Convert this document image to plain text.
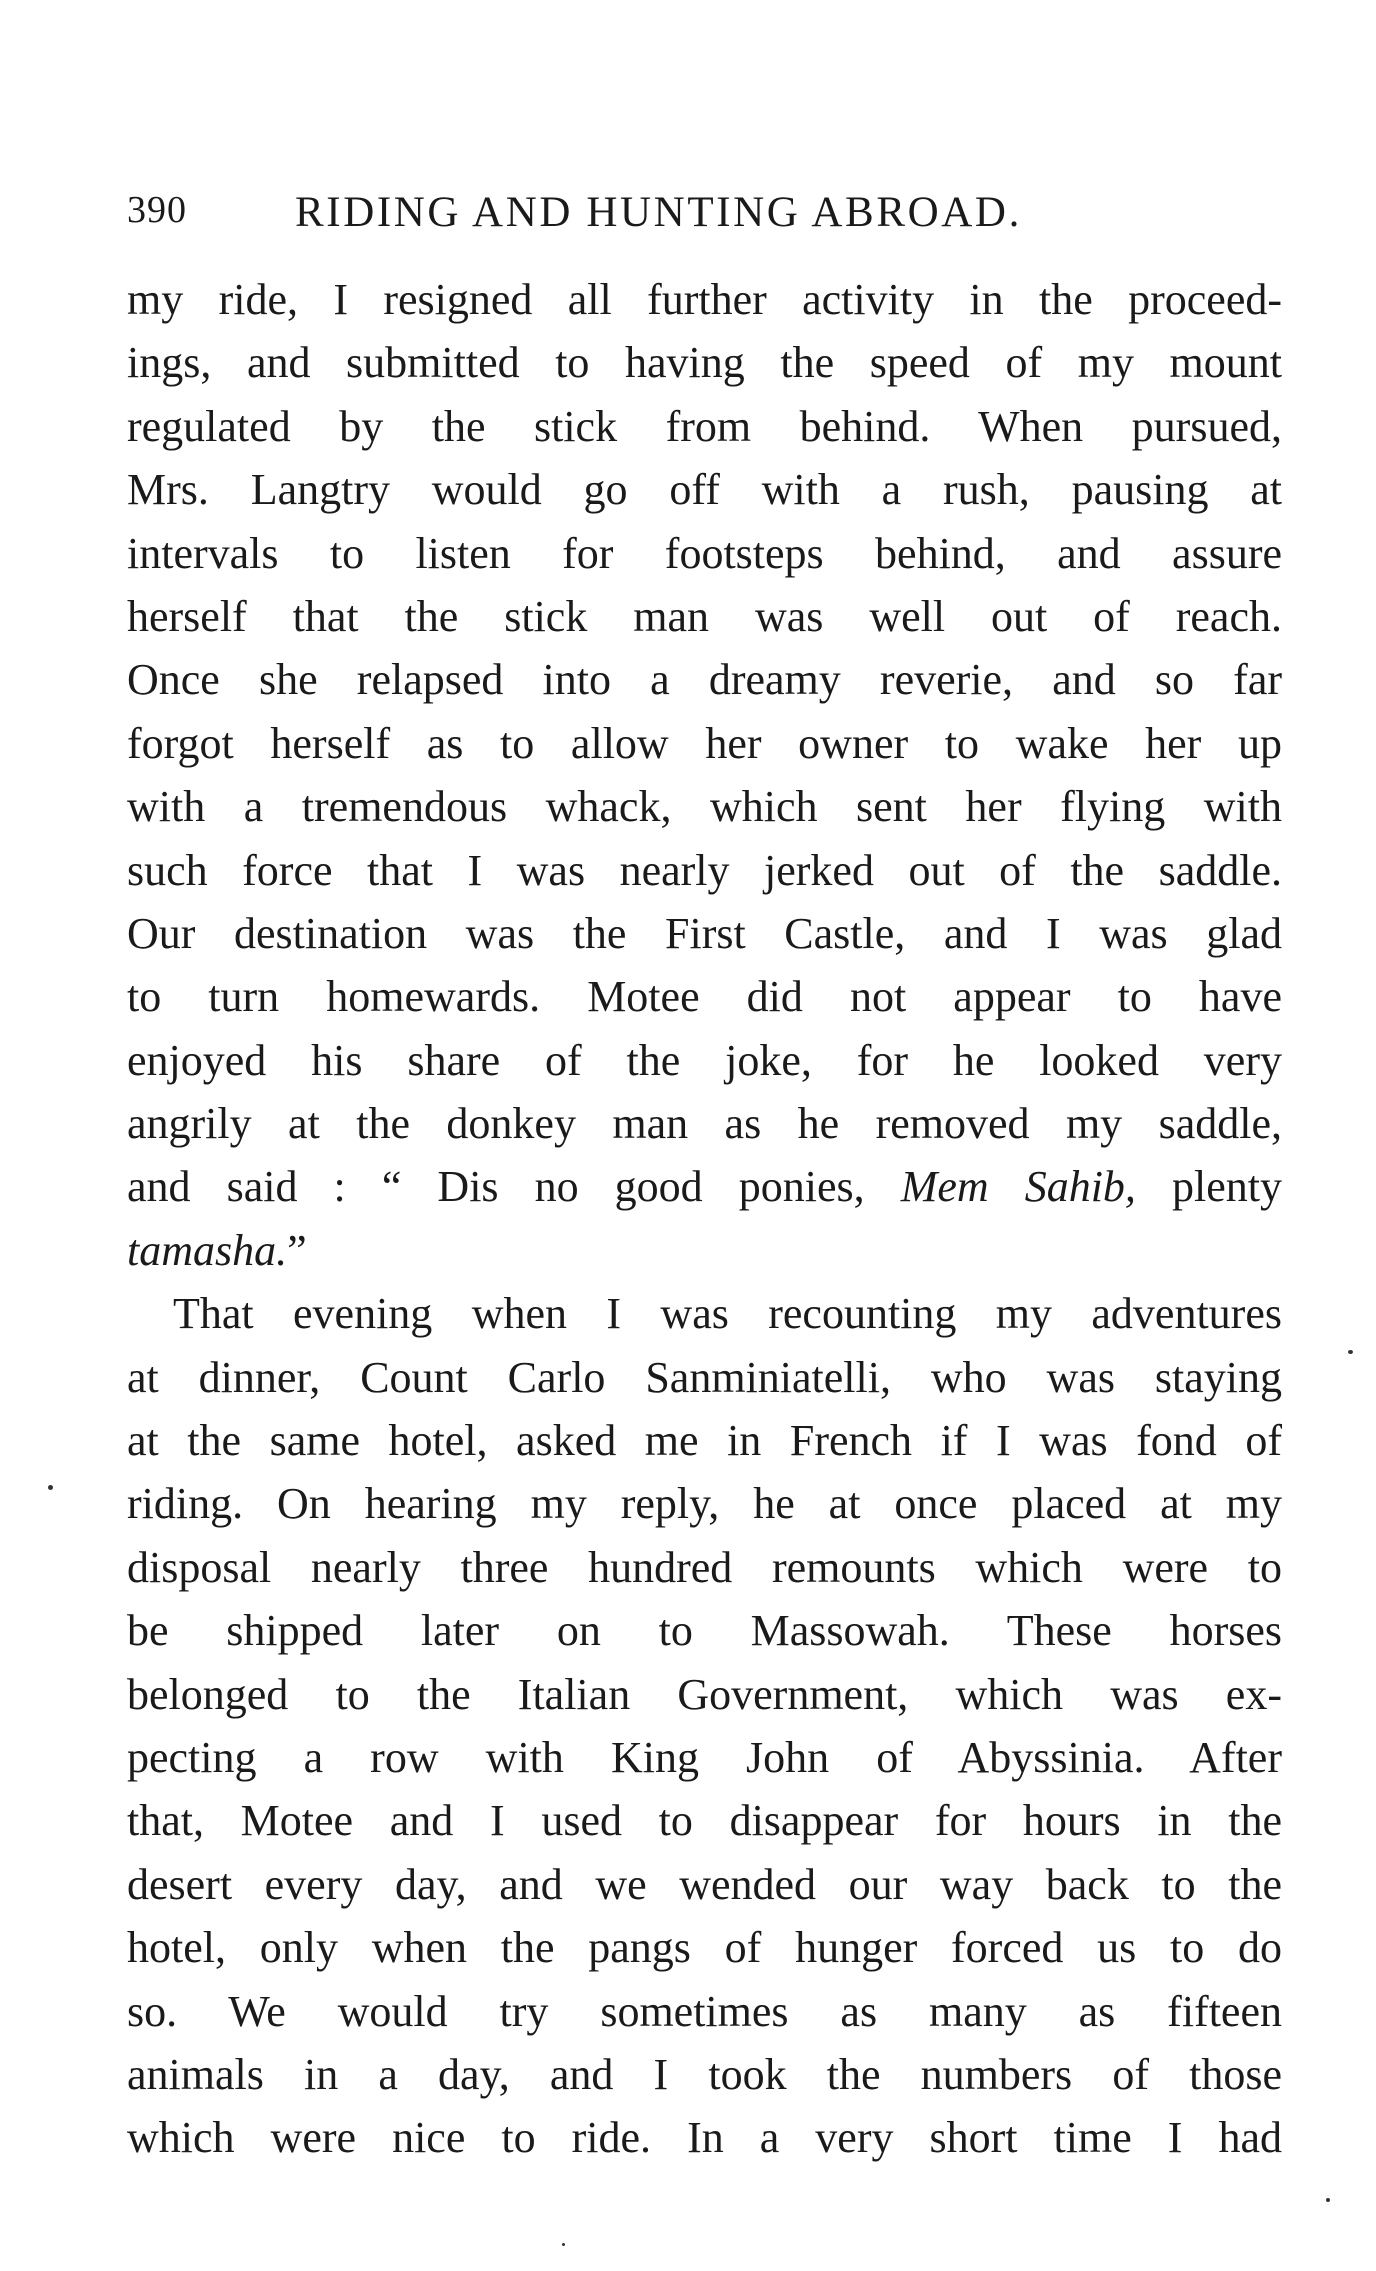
390	RIDING AND HUNTING ABROAD.
my ride, I resigned all further activity in the proceed-
ings, and submitted to having the speed of my mount
regulated by the stick from behind. When pursued,
Mrs. Langtry would go off with a rush, pausing at
intervals to listen for footsteps behind, and assure
herself that the stick man was well out of reach.
Once she relapsed into a dreamy reverie, and so far
forgot herself as to allow her owner to wake her up
with a tremendous whack, which sent her flying with
such force that I was nearly jerked out of the saddle.
Our destination was the First Castle, and I was glad
to turn homewards. Motee did not appear to have
enjoyed his share of the joke, for he looked very
angrily at the donkey man as he removed my saddle,
and said : “ Dis no good ponies, Mem Sahib, plenty
tamasha.”
That evening when I was recounting my adventures
at dinner, Count Carlo Sanminiatelli, who was staying
at the same hotel, asked me in French if I was fond of
riding. On hearing my reply, he at once placed at my
disposal nearly three hundred remounts which were to
be shipped later on to Massowah. These horses
belonged to the Italian Government, which was ex-
pecting a row with King John of Abyssinia. After
that, Motee and I used to disappear for hours in the
desert every day, and we wended our way back to the
hotel, only when the pangs of hunger forced us to do
so. We would try sometimes as many as fifteen
animals in a day, and I took the numbers of those
which were nice to ride. In a very short time I had
